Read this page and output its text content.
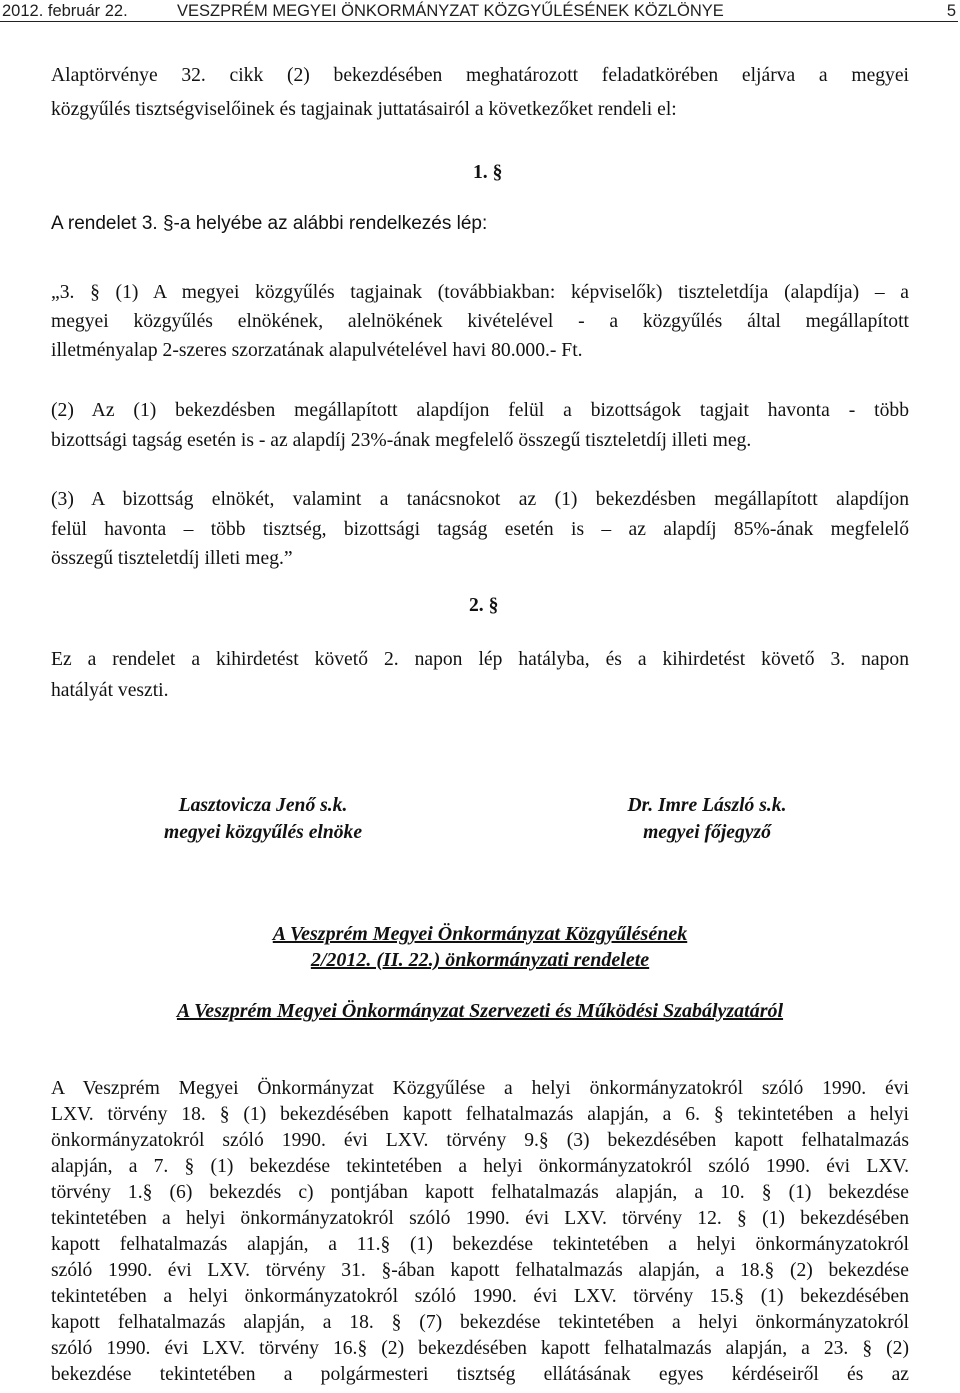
2012. február 22.	VESZPRÉM MEGYEI ÖNKORMÁNYZAT KÖZGYŰLÉSÉNEK KÖZLÖNYE	5
Alaptörvénye 32. cikk (2) bekezdésében meghatározott feladatkörében eljárva a megyei
közgyűlés tisztségviselőinek és tagjainak juttatásairól a következőket rendeli el:
1. §
A rendelet 3. §-a helyébe az alábbi rendelkezés lép:
„3. § (1) A megyei közgyűlés tagjainak (továbbiakban: képviselők) tiszteletdíja (alapdíja) – a
megyei közgyűlés elnökének, alelnökének kivételével - a közgyűlés által megállapított
illetményalap 2-szeres szorzatának alapulvételével havi 80.000.- Ft.
(2) Az (1) bekezdésben megállapított alapdíjon felül a bizottságok tagjait havonta - több
bizottsági tagság esetén is - az alapdíj 23%-ának megfelelő összegű tiszteletdíj illeti meg.
(3) A bizottság elnökét, valamint a tanácsnokot az (1) bekezdésben megállapított alapdíjon
felül havonta – több tisztség, bizottsági tagság esetén is – az alapdíj 85%-ának megfelelő
összegű tiszteletdíj illeti meg.”
2. §
Ez a rendelet a kihirdetést követő 2. napon lép hatályba, és a kihirdetést követő 3. napon
hatályát veszti.
Lasztovicza Jenő s.k.
megyei közgyűlés elnöke
Dr. Imre László s.k.
megyei főjegyző
A Veszprém Megyei Önkormányzat Közgyűlésének
2/2012. (II. 22.) önkormányzati rendelete
A Veszprém Megyei Önkormányzat Szervezeti és Működési Szabályzatáról
A Veszprém Megyei Önkormányzat Közgyűlése a helyi önkormányzatokról szóló 1990. évi
LXV. törvény 18. § (1) bekezdésében kapott felhatalmazás alapján, a 6. § tekintetében a helyi
önkormányzatokról szóló 1990. évi LXV. törvény 9.§ (3) bekezdésében kapott felhatalmazás
alapján, a 7. § (1) bekezdése tekintetében a helyi önkormányzatokról szóló 1990. évi LXV.
törvény 1.§ (6) bekezdés c) pontjában kapott felhatalmazás alapján, a 10. § (1) bekezdése
tekintetében a helyi önkormányzatokról szóló 1990. évi LXV. törvény 12. § (1) bekezdésében
kapott felhatalmazás alapján, a 11.§ (1) bekezdése tekintetében a helyi önkormányzatokról
szóló 1990. évi LXV. törvény 31. §-ában kapott felhatalmazás alapján, a 18.§ (2) bekezdése
tekintetében a helyi önkormányzatokról szóló 1990. évi LXV. törvény 15.§ (1) bekezdésében
kapott felhatalmazás alapján, a 18. § (7) bekezdése tekintetében a helyi önkormányzatokról
szóló 1990. évi LXV. törvény 16.§ (2) bekezdésében kapott felhatalmazás alapján, a 23. § (2)
bekezdése tekintetében a polgármesteri tisztség ellátásának egyes kérdéseiről és az
